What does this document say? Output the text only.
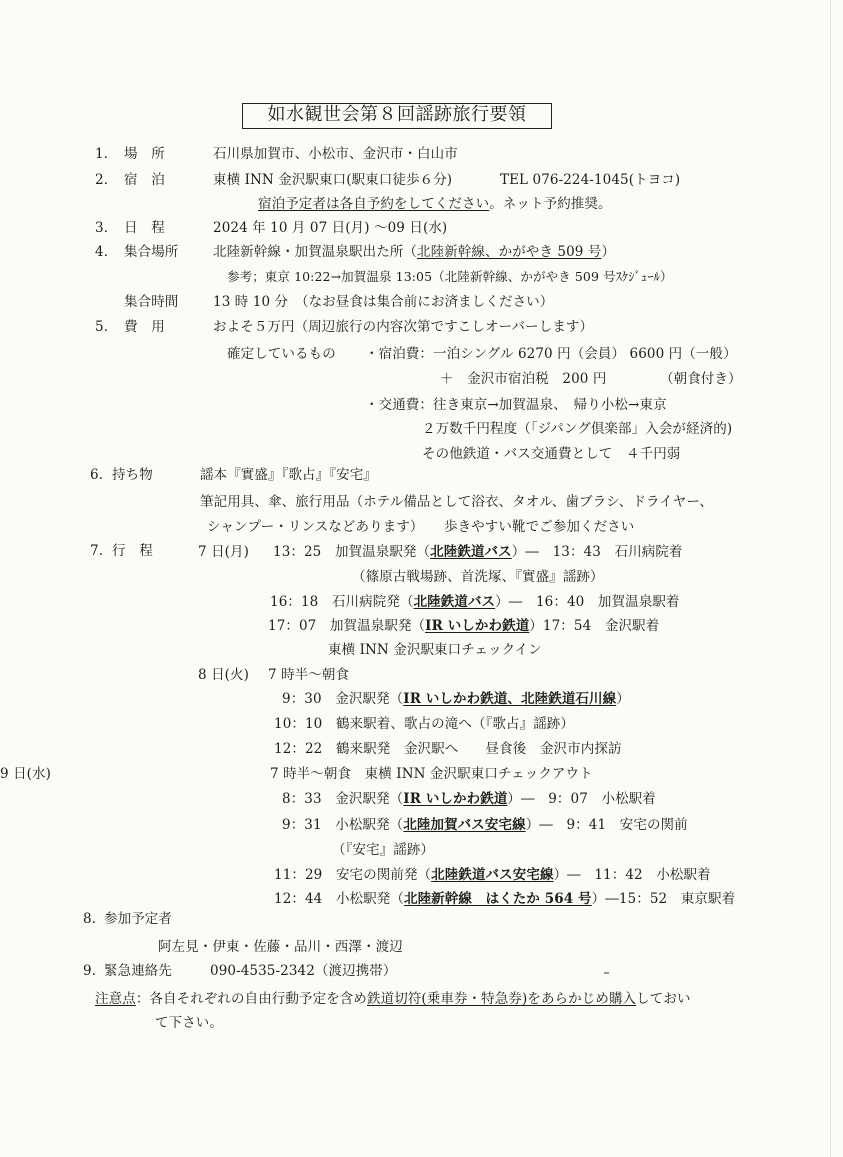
如水観世会第８回謡跡旅行要領
1． 場　所	石川県加賀市、小松市、金沢市・白山市
2． 宿　泊	東横 INN 金沢駅東口(駅東口徒歩６分)	TEL 076-224-1045(トヨコ)
宿泊予定者は各自予約をしてください。ネット予約推奨。
3． 日　程	2024 年 10 月 07 日(月) 〜09 日(水)
4． 集合場所	北陸新幹線・加賀温泉駅出た所（北陸新幹線、かがやき 509 号）
参考；東京 10:22→加賀温泉 13:05（北陸新幹線、かがやき 509 号ｽｹｼﾞｭｰﾙ）
集合時間	13 時 10 分　（なお昼食は集合前にお済ましください）
5． 費　用	およそ５万円（周辺旅行の内容次第ですこしオーバーします）
確定しているもの ・宿泊費：一泊シングル 6270 円（会員） 6600 円（一般）
＋　金沢市宿泊税　200 円	（朝食付き）
・交通費：往き東京→加賀温泉、　帰り小松→東京
２万数千円程度（「ジパング倶楽部」入会が経済的)
その他鉄道・バス交通費として　４千円弱
6. 持ち物	謡本『實盛』『歌占』『安宅』
筆記用具、傘、旅行用品（ホテル備品として浴衣、タオル、歯ブラシ、ドライヤー、
シャンプー・リンスなどあります）　　歩きやすい靴でご参加ください
7. 行　程	7 日(月) 13：25　加賀温泉駅発（北陸鉄道バス）―　13：43　石川病院着
（篠原古戦場跡、首洗塚、『實盛』謡跡）
16：18　石川病院発（北陸鉄道バス）―　16：40　加賀温泉駅着
17：07　加賀温泉駅発（IR いしかわ鉄道）17：54　金沢駅着
東横 INN 金沢駅東口チェックイン
8 日(火) 7 時半〜朝食
9：30　金沢駅発（IR いしかわ鉄道、北陸鉄道石川線）
10：10　鶴来駅着、歌占の滝へ（『歌占』謡跡）
12：22　鶴来駅発　金沢駅へ　　昼食後　金沢市内探訪
9 日(水)	7 時半〜朝食　東横 INN 金沢駅東口チェックアウト
8：33　金沢駅発（IR いしかわ鉄道）―　9：07　小松駅着
9：31　小松駅発（北陸加賀バス安宅線）―　9：41　安宅の関前
（『安宅』謡跡）
11：29　安宅の関前発（北陸鉄道バス安宅線）―　11：42　小松駅着
12：44　小松駅発（北陸新幹線　はくたか 564 号）―15：52　東京駅着
8. 参加予定者
阿左見・伊東・佐藤・品川・西澤・渡辺
9. 緊急連絡先	090-4535-2342（渡辺携帯）
注意点：各自それぞれの自由行動予定を含め鉄道切符(乗車券・特急券)をあらかじめ購入しておい
て下さい。
